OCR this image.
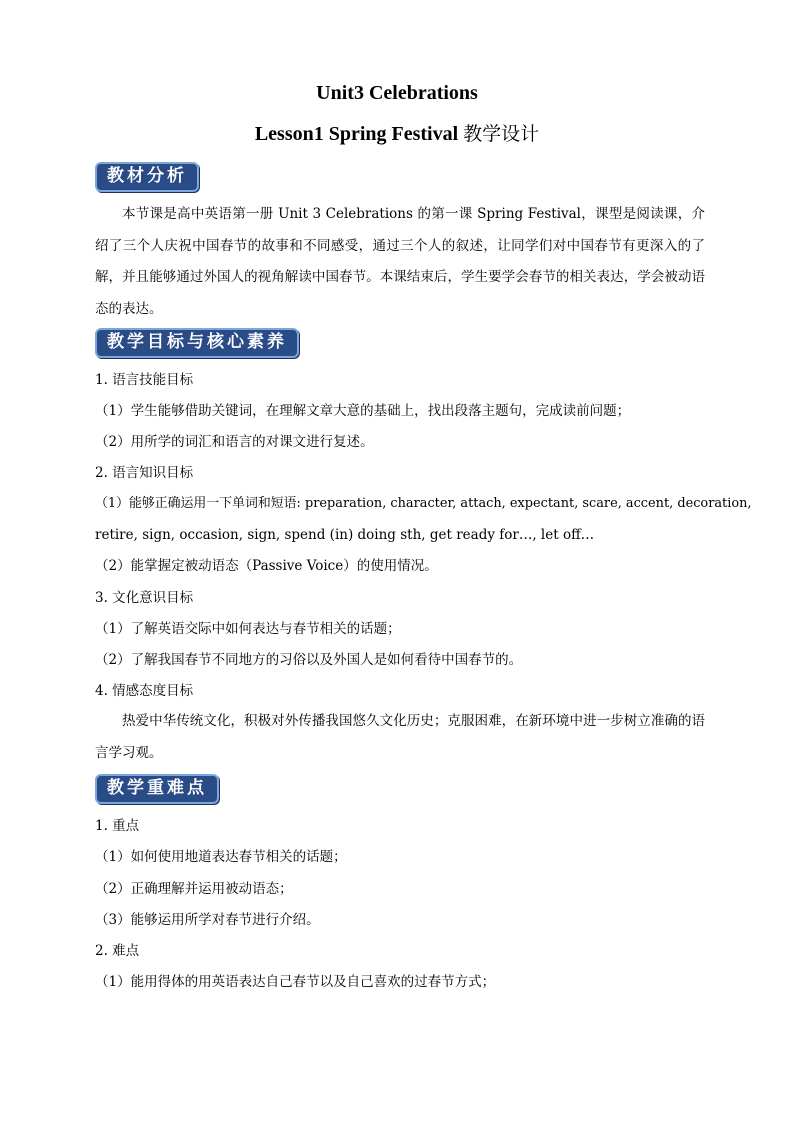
Unit3 Celebrations
Lesson1 Spring Festival 教学设计
教材分析
本节课是高中英语第一册 Unit 3 Celebrations 的第一课 Spring Festival，课型是阅读课，介绍了三个人庆祝中国春节的故事和不同感受，通过三个人的叙述，让同学们对中国春节有更深入的了解，并且能够通过外国人的视角解读中国春节。本课结束后，学生要学会春节的相关表达，学会被动语态的表达。
教学目标与核心素养
1. 语言技能目标
（1）学生能够借助关键词，在理解文章大意的基础上，找出段落主题句，完成读前问题；
（2）用所学的词汇和语言的对课文进行复述。
2. 语言知识目标
（1）能够正确运用一下单词和短语: preparation, character, attach, expectant, scare, accent, decoration,
retire, sign, occasion, sign, spend (in) doing sth, get ready for…, let off…
（2）能掌握定被动语态（Passive Voice）的使用情况。
3. 文化意识目标
（1）了解英语交际中如何表达与春节相关的话题；
（2）了解我国春节不同地方的习俗以及外国人是如何看待中国春节的。
4. 情感态度目标
热爱中华传统文化，积极对外传播我国悠久文化历史；克服困难，在新环境中进一步树立准确的语言学习观。
教学重难点
1. 重点
（1）如何使用地道表达春节相关的话题；
（2）正确理解并运用被动语态；
（3）能够运用所学对春节进行介绍。
2. 难点
（1）能用得体的用英语表达自己春节以及自己喜欢的过春节方式；
